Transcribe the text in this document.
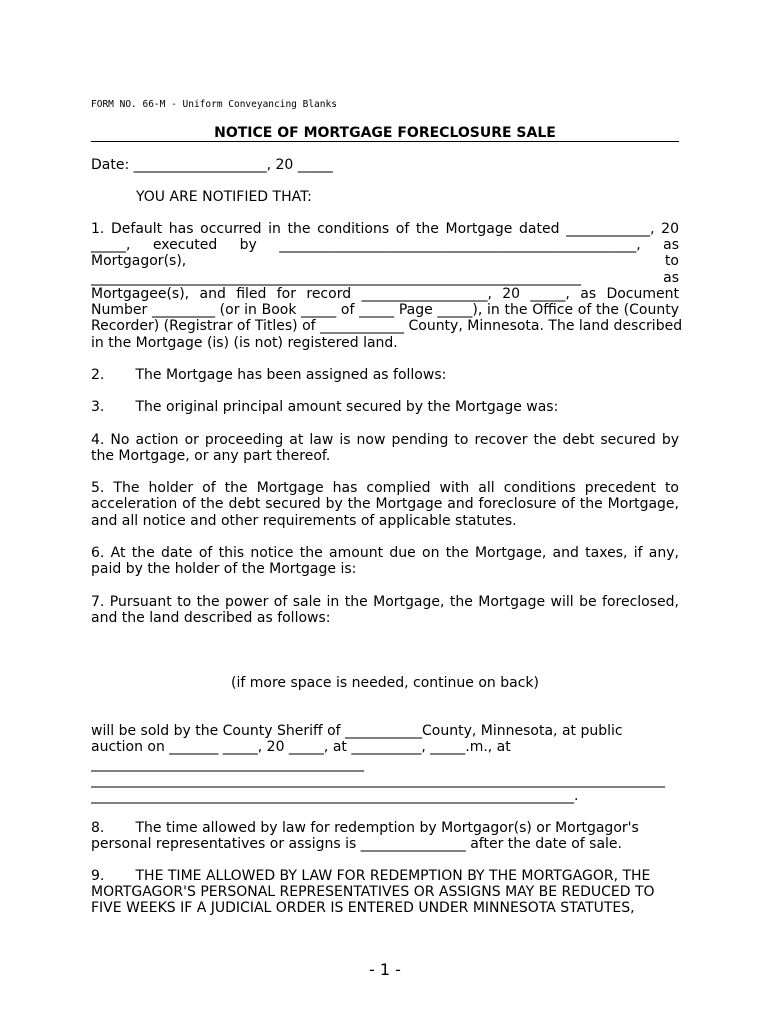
FORM NO. 66-M - Uniform Conveyancing Blanks
NOTICE OF MORTGAGE FORECLOSURE SALE
Date: ___________________, 20 _____
YOU ARE NOTIFIED THAT:
1. Default has occurred in the conditions of the Mortgage dated ____________, 20
_____, executed by ___________________________________________________, as
Mortgagor(s), to
______________________________________________________________________ as
Mortgagee(s), and filed for record __________________, 20 _____, as Document
Number _________ (or in Book _____ of _____ Page _____), in the Office of the (County
Recorder) (Registrar of Titles) of ____________ County, Minnesota. The land described
in the Mortgage (is) (is not) registered land.
2.       The Mortgage has been assigned as follows:
3.       The original principal amount secured by the Mortgage was:
4. No action or proceeding at law is now pending to recover the debt secured by
the Mortgage, or any part thereof.
5. The holder of the Mortgage has complied with all conditions precedent to
acceleration of the debt secured by the Mortgage and foreclosure of the Mortgage,
and all notice and other requirements of applicable statutes.
6. At the date of this notice the amount due on the Mortgage, and taxes, if any,
paid by the holder of the Mortgage is:
7. Pursuant to the power of sale in the Mortgage, the Mortgage will be foreclosed,
and the land described as follows:
(if more space is needed, continue on back)
will be sold by the County Sheriff of ___________County, Minnesota, at public
auction on _______ _____, 20 _____, at __________, _____.m., at
_______________________________________
__________________________________________________________________________________
_____________________________________________________________________.
8.       The time allowed by law for redemption by Mortgagor(s) or Mortgagor's
personal representatives or assigns is _______________ after the date of sale.
9.       THE TIME ALLOWED BY LAW FOR REDEMPTION BY THE MORTGAGOR, THE
MORTGAGOR'S PERSONAL REPRESENTATIVES OR ASSIGNS MAY BE REDUCED TO
FIVE WEEKS IF A JUDICIAL ORDER IS ENTERED UNDER MINNESOTA STATUTES,
- 1 -
